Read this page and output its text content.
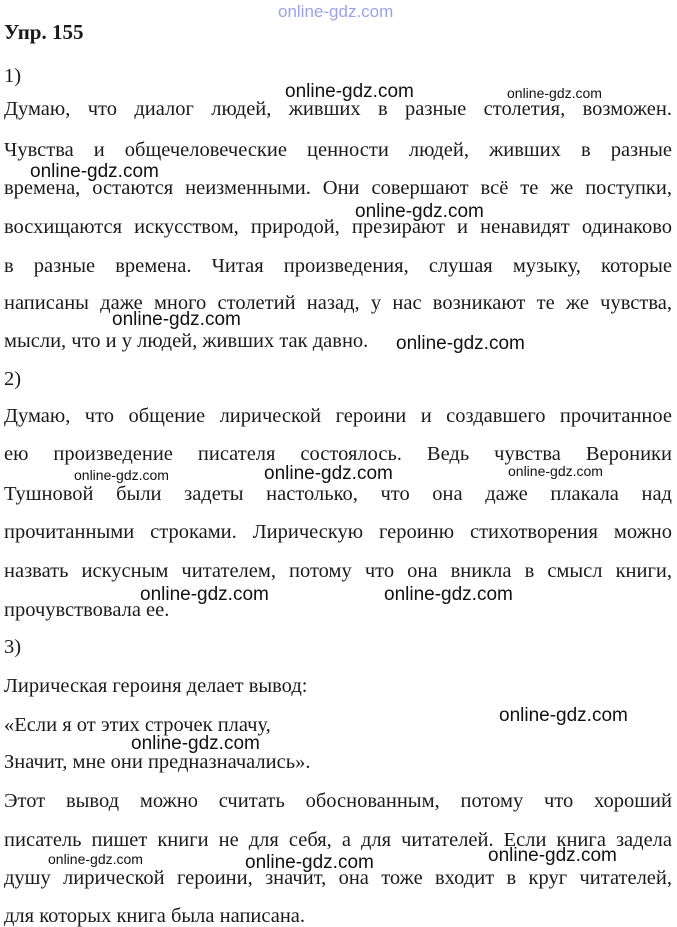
online-gdz.com
Упр. 155
1)
Думаю, что диалог людей, живших в разные столетия, возможен.
Чувства и общечеловеческие ценности людей, живших в разные
времена, остаются неизменными. Они совершают всё те же поступки,
восхищаются искусством, природой, презирают и ненавидят одинаково
в разные времена. Читая произведения, слушая музыку, которые
написаны даже много столетий назад, у нас возникают те же чувства,
мысли, что и у людей, живших так давно.
2)
Думаю, что общение лирической героини и создавшего прочитанное
ею произведение писателя состоялось. Ведь чувства Вероники
Тушновой были задеты настолько, что она даже плакала над
прочитанными строками. Лирическую героиню стихотворения можно
назвать искусным читателем, потому что она вникла в смысл книги,
прочувствовала ее.
3)
Лирическая героиня делает вывод:
«Если я от этих строчек плачу,
Значит, мне они предназначались».
Этот вывод можно считать обоснованным, потому что хороший
писатель пишет книги не для себя, а для читателей. Если книга задела
душу лирической героини, значит, она тоже входит в круг читателей,
для которых книга была написана.
online-gdz.com	online-gdz.com
online-gdz.com
online-gdz.com
online-gdz.com
online-gdz.com
online-gdz.com
online-gdz.com
online-gdz.com
online-gdz.com	online-gdz.com
online-gdz.com
online-gdz.com
online-gdz.com
online-gdz.com	online-gdz.com
